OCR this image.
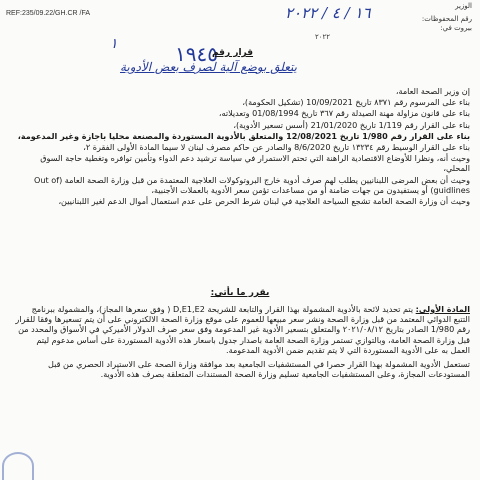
REF:235/09.22/GH.CR /FA
الوزير
رقم المحفوظات:
بيروت في:
٢٠٢٢
١٦ / ٤ / ٢٠٢٢
١٩٤٥
١
قرار رقم
يتعلق بوضع آلية لصرف بعض الأدوية

إن وزير الصحة العامة،

بناء على المرسوم رقم ٨٣٧١ تاريخ 10/09/2021 (تشكيل الحكومة)،

بناء على قانون مزاولة مهنة الصيدلة رقم ٣٦٧ تاريخ 01/08/1994 وتعديلاته،

بناء على القرار رقم 1/119 تاريخ 21/01/2020 (أسس تسعير الأدوية)،

بناء على القرار رقم 1/980 تاريخ 12/08/2021 والمتعلق بالأدوية المستوردة والمصنعة محليا باجازة وغير المدعومة،

بناء على القرار الوسيط رقم ١٣٢٣٤ تاريخ 8/6/2020 والصادر عن حاكم مصرف لبنان لا سيما المادة الأولى الفقرة ٢،

وحيث أنه، ونظرا للأوضاع الاقتصادية الراهنة التي تحتم الاستمرار في سياسة ترشيد دعم الدواء وتأمين توافره وتغطية حاجة السوق المحلي،

وحيث أن بعض المرضى اللبنانيين يطلب لهم صرف أدوية خارج البروتوكولات العلاجية المعتمدة من قبل وزارة الصحة العامة (Out of guidlines) أو يستفيدون من جهات ضامنة أو من مساعدات تؤمن سعر الأدوية بالعملات الأجنبية،

وحيث أن وزارة الصحة العامة تشجع السياحة العلاجية في لبنان شرط الحرص على عدم استعمال أموال الدعم لغير اللبنانيين،

يقرر ما يأتي:

المادة الأولى: يتم تحديد لائحة بالأدوية المشمولة بهذا القرار والتابعة للشريحة D,E1,E2 ( وفق سعرها المجاز)، والمشمولة ببرنامج التتبع الدوائي المعتمد من قبل وزارة الصحة ونشر سعر مبيعها للعموم على موقع وزارة الصحة الالكتروني على أن يتم تسعيرها وفقا للقرار رقم 1/980 الصادر بتاريخ ٢٠٢١/٠٨/١٢ والمتعلق بتسعير الأدوية غير المدعومة وفق سعر صرف الدولار الأميركي في الأسواق والمحدد من قبل وزارة الصحة العامة، وبالتوازي تستمر وزارة الصحة العامة باصدار جدول باسعار هذه الأدوية المستوردة على أساس مدعوم ليتم العمل به على الأدوية المستوردة التي لا يتم تقديم ضمن الأدوية المدعومة.

تستعمل الأدوية المشمولة بهذا القرار حصرا في المستشفيات الجامعية بعد موافقة وزارة الصحة على الاستيراد الحصري من قبل المستودعات المجازة، وعلى المستشفيات الجامعية تسليم وزارة الصحة المستندات المتعلقة بصرف هذه الأدوية.
